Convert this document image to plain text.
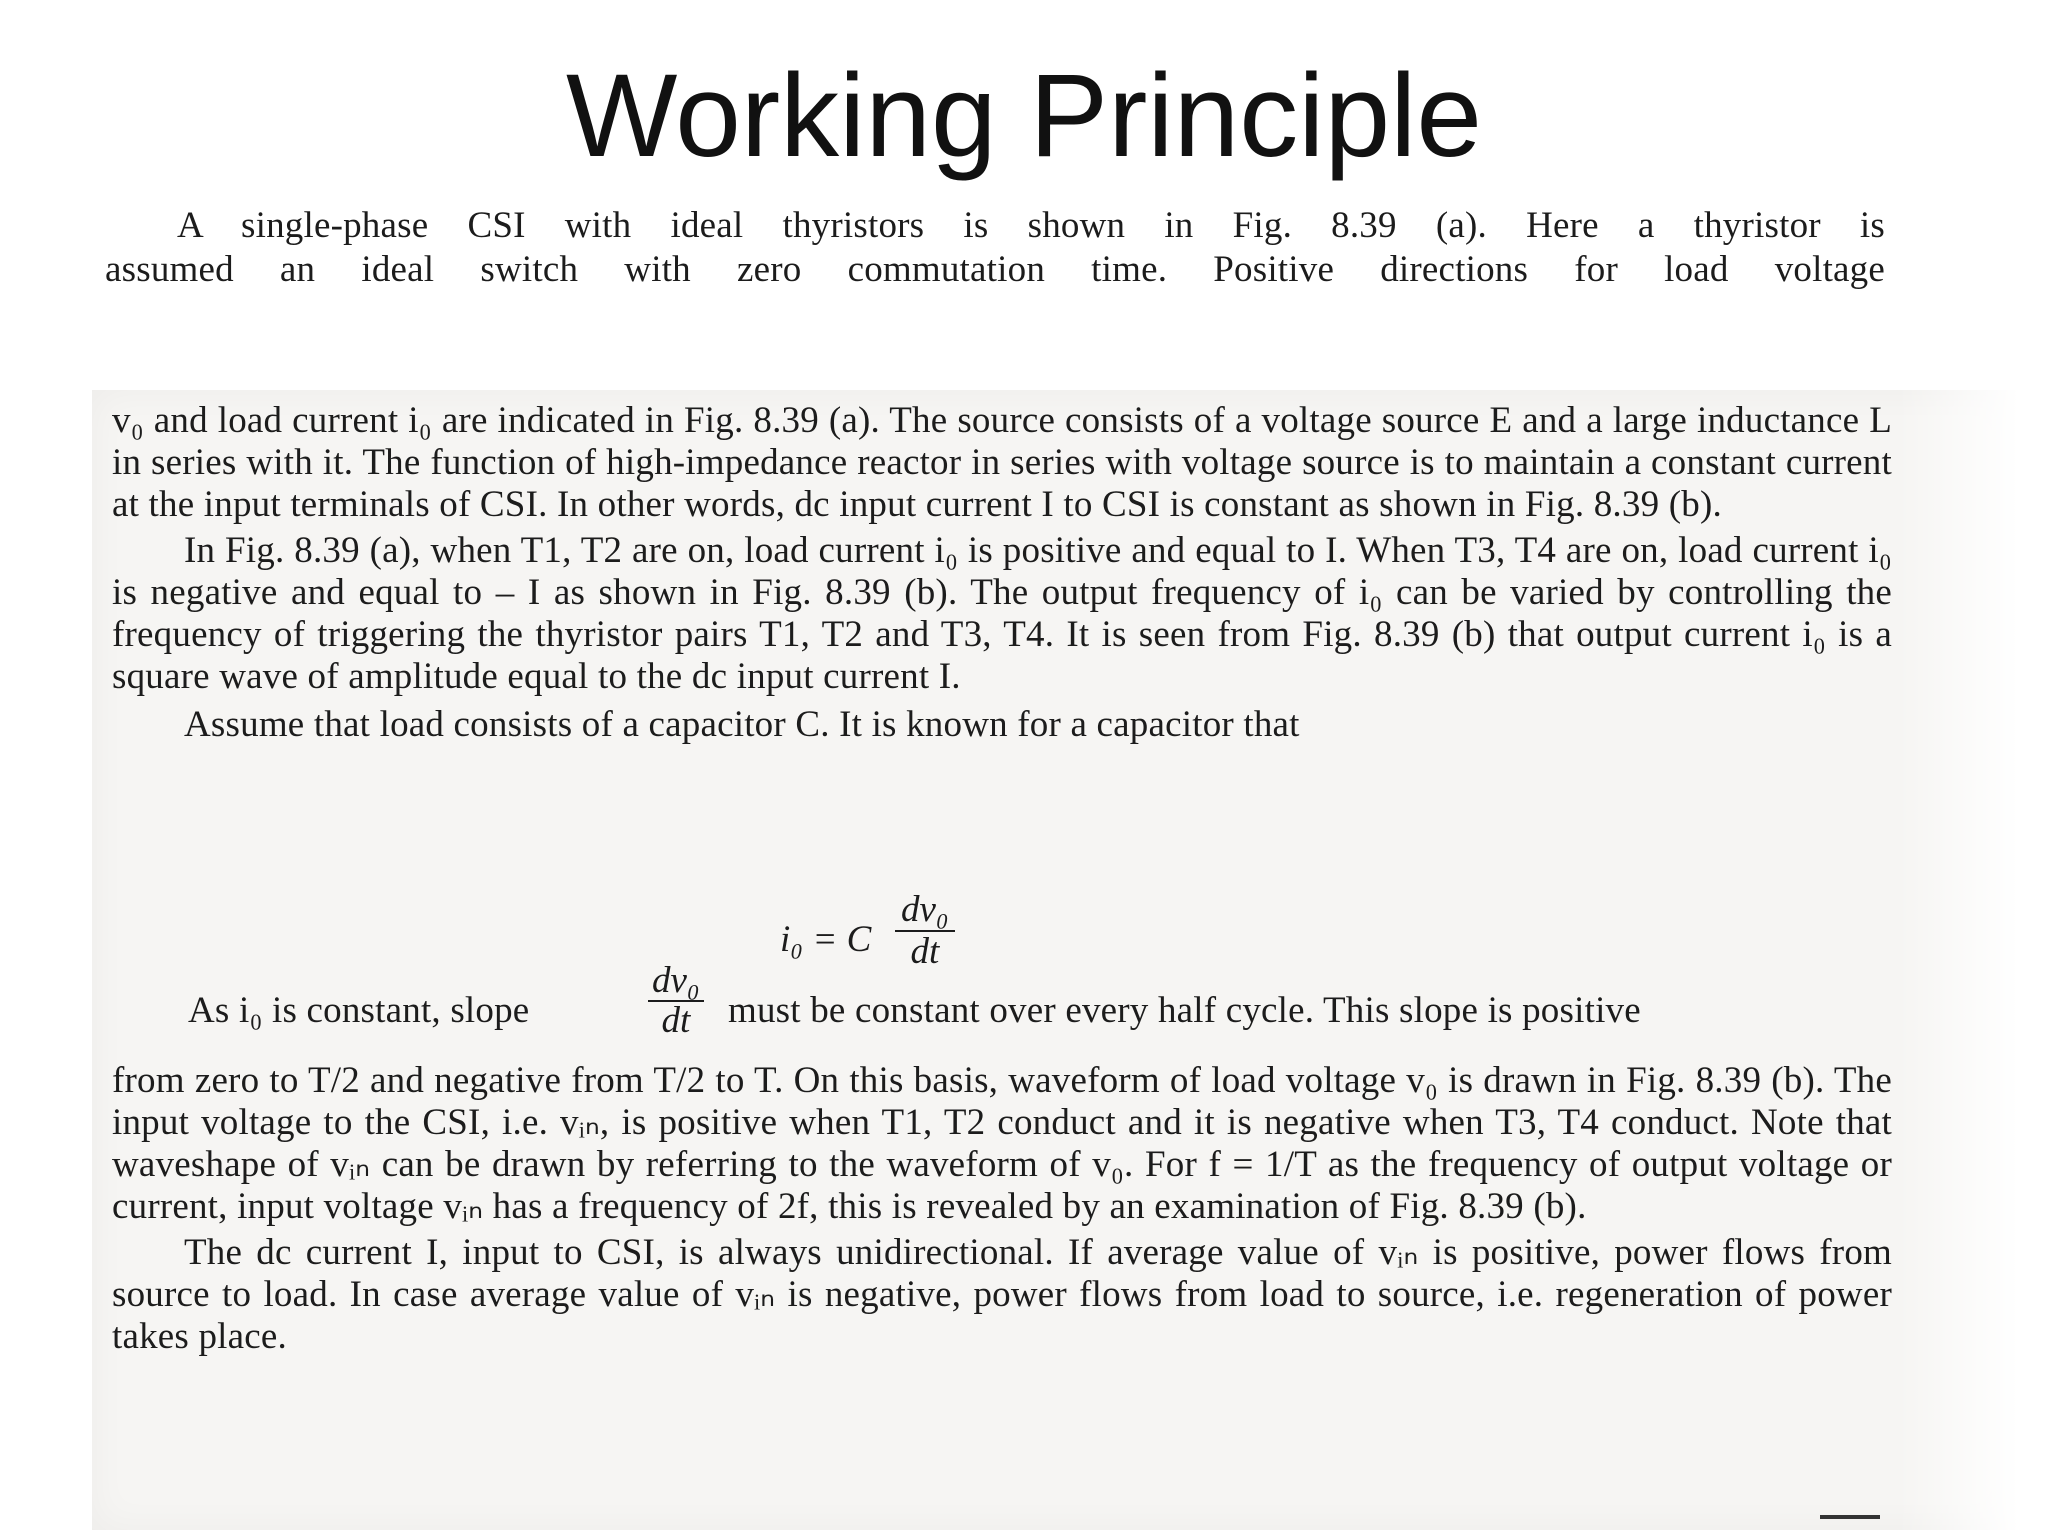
Working Principle

A single-phase CSI with ideal thyristors is shown in Fig. 8.39 (a). Here a thyristor is

assumed an ideal switch with zero commutation time. Positive directions for load voltage

v₀ and load current i₀ are indicated in Fig. 8.39 (a). The source consists of a voltage source E and a large inductance L in series with it. The function of high-impedance reactor in series with voltage source is to maintain a constant current at the input terminals of CSI. In other words, dc input current I to CSI is constant as shown in Fig. 8.39 (b).

In Fig. 8.39 (a), when T1, T2 are on, load current i₀ is positive and equal to I. When T3, T4 are on, load current i₀ is negative and equal to – I as shown in Fig. 8.39 (b). The output frequency of i₀ can be varied by controlling the frequency of triggering the thyristor pairs T1, T2 and T3, T4. It is seen from Fig. 8.39 (b) that output current i₀ is a square wave of amplitude equal to the dc input current I.

Assume that load consists of a capacitor C. It is known for a capacitor that

i₀ = C $\frac{\text{dv₀}}{dt}$
As i₀ is constant, slope	$\frac{\text{dv₀}}{dt}$ must be constant over every half cycle. This slope is positive

from zero to T/2 and negative from T/2 to T. On this basis, waveform of load voltage v₀ is drawn in Fig. 8.39 (b). The input voltage to the CSI, i.e. vᵢₙ, is positive when T1, T2 conduct and it is negative when T3, T4 conduct. Note that waveshape of vᵢₙ can be drawn by referring to the waveform of v₀. For f = 1/T as the frequency of output voltage or current, input voltage vᵢₙ has a frequency of 2f, this is revealed by an examination of Fig. 8.39 (b).

The dc current I, input to CSI, is always unidirectional. If average value of vᵢₙ is positive, power flows from source to load. In case average value of vᵢₙ is negative, power flows from load to source, i.e. regeneration of power takes place.
